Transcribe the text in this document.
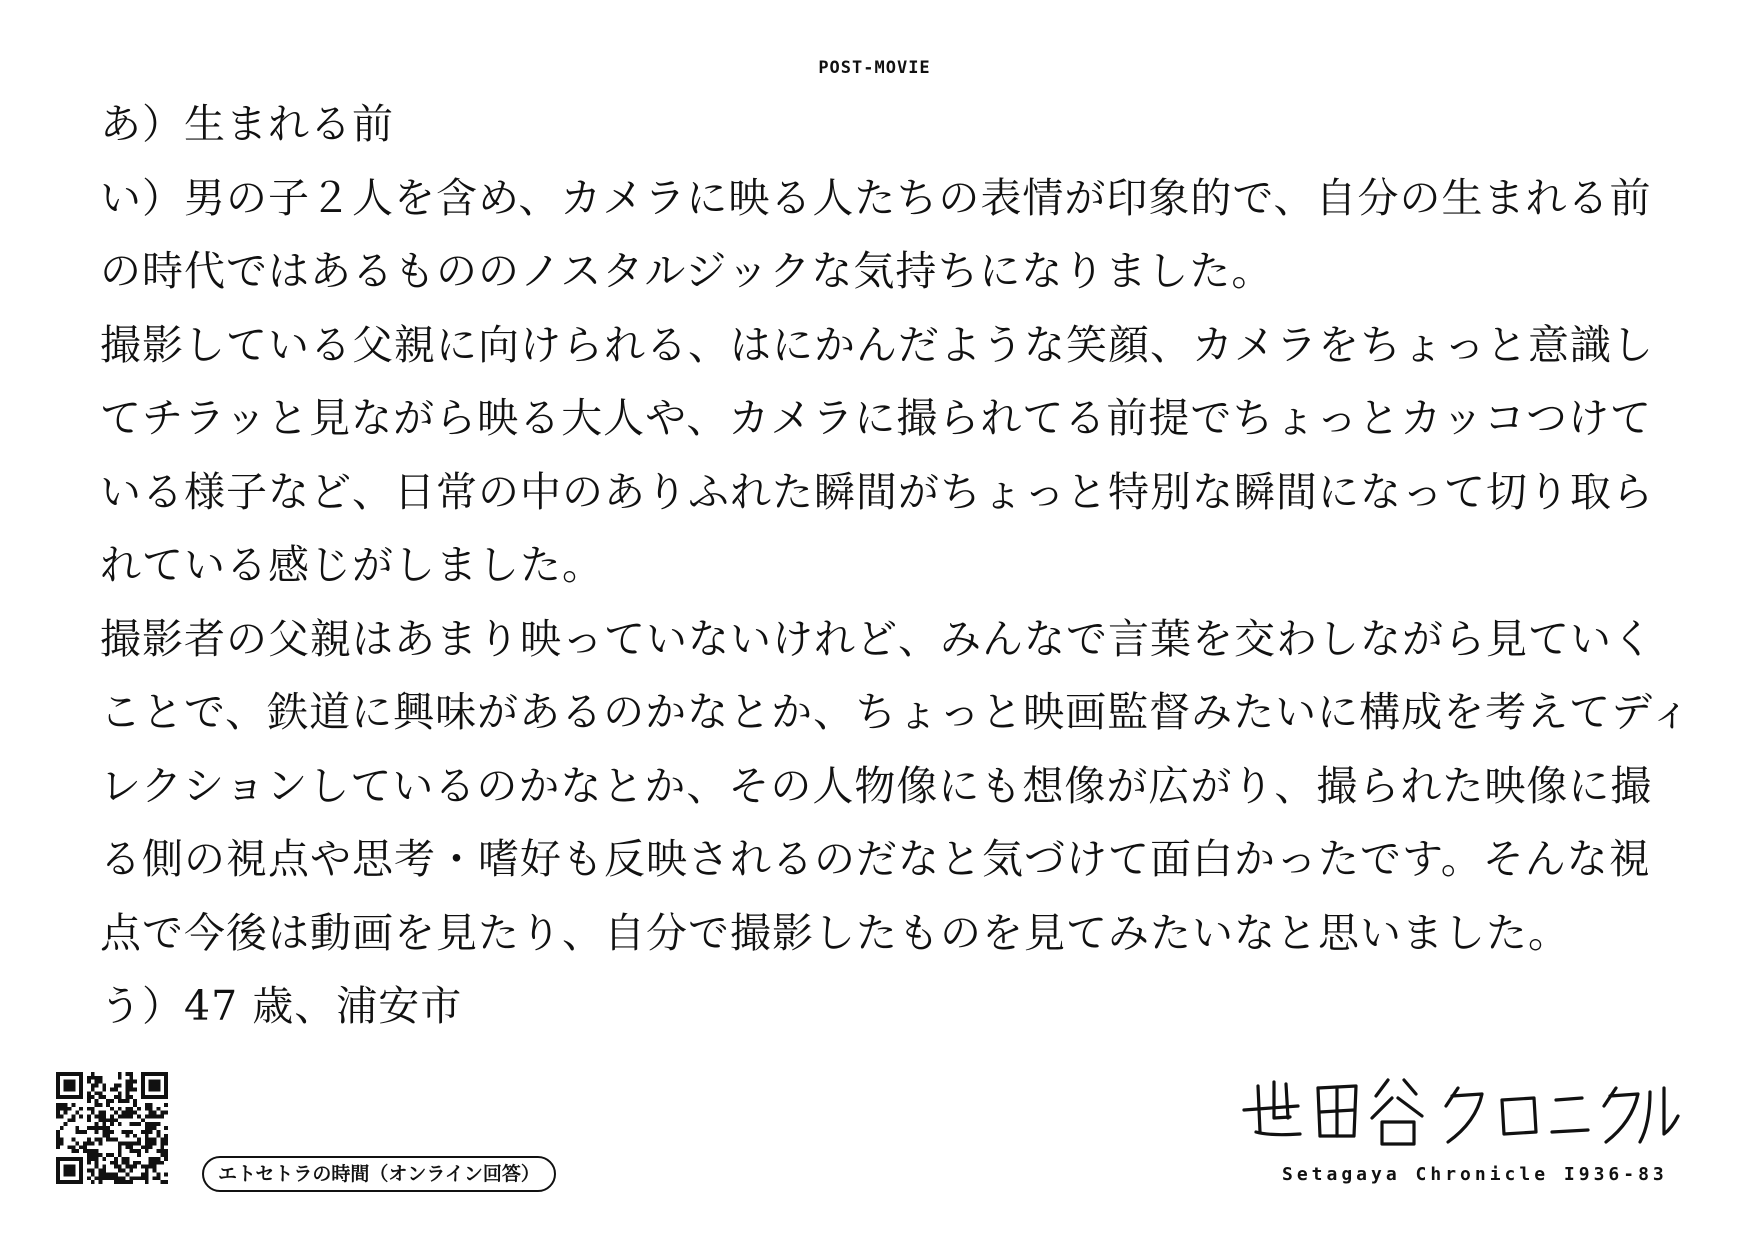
POST-MOVIE
あ）生まれる前
い）男の子２人を含め、カメラに映る人たちの表情が印象的で、自分の生まれる前
の時代ではあるもののノスタルジックな気持ちになりました。
撮影している父親に向けられる、はにかんだような笑顔、カメラをちょっと意識し
てチラッと見ながら映る大人や、カメラに撮られてる前提でちょっとカッコつけて
いる様子など、日常の中のありふれた瞬間がちょっと特別な瞬間になって切り取ら
れている感じがしました。
撮影者の父親はあまり映っていないけれど、みんなで言葉を交わしながら見ていく
ことで、鉄道に興味があるのかなとか、ちょっと映画監督みたいに構成を考えてディ
レクションしているのかなとか、その人物像にも想像が広がり、撮られた映像に撮
る側の視点や思考・嗜好も反映されるのだなと気づけて面白かったです。そんな視
点で今後は動画を見たり、自分で撮影したものを見てみたいなと思いました。
う）47 歳、浦安市
エトセトラの時間（オンライン回答）	Setagaya Chronicle I936-83
